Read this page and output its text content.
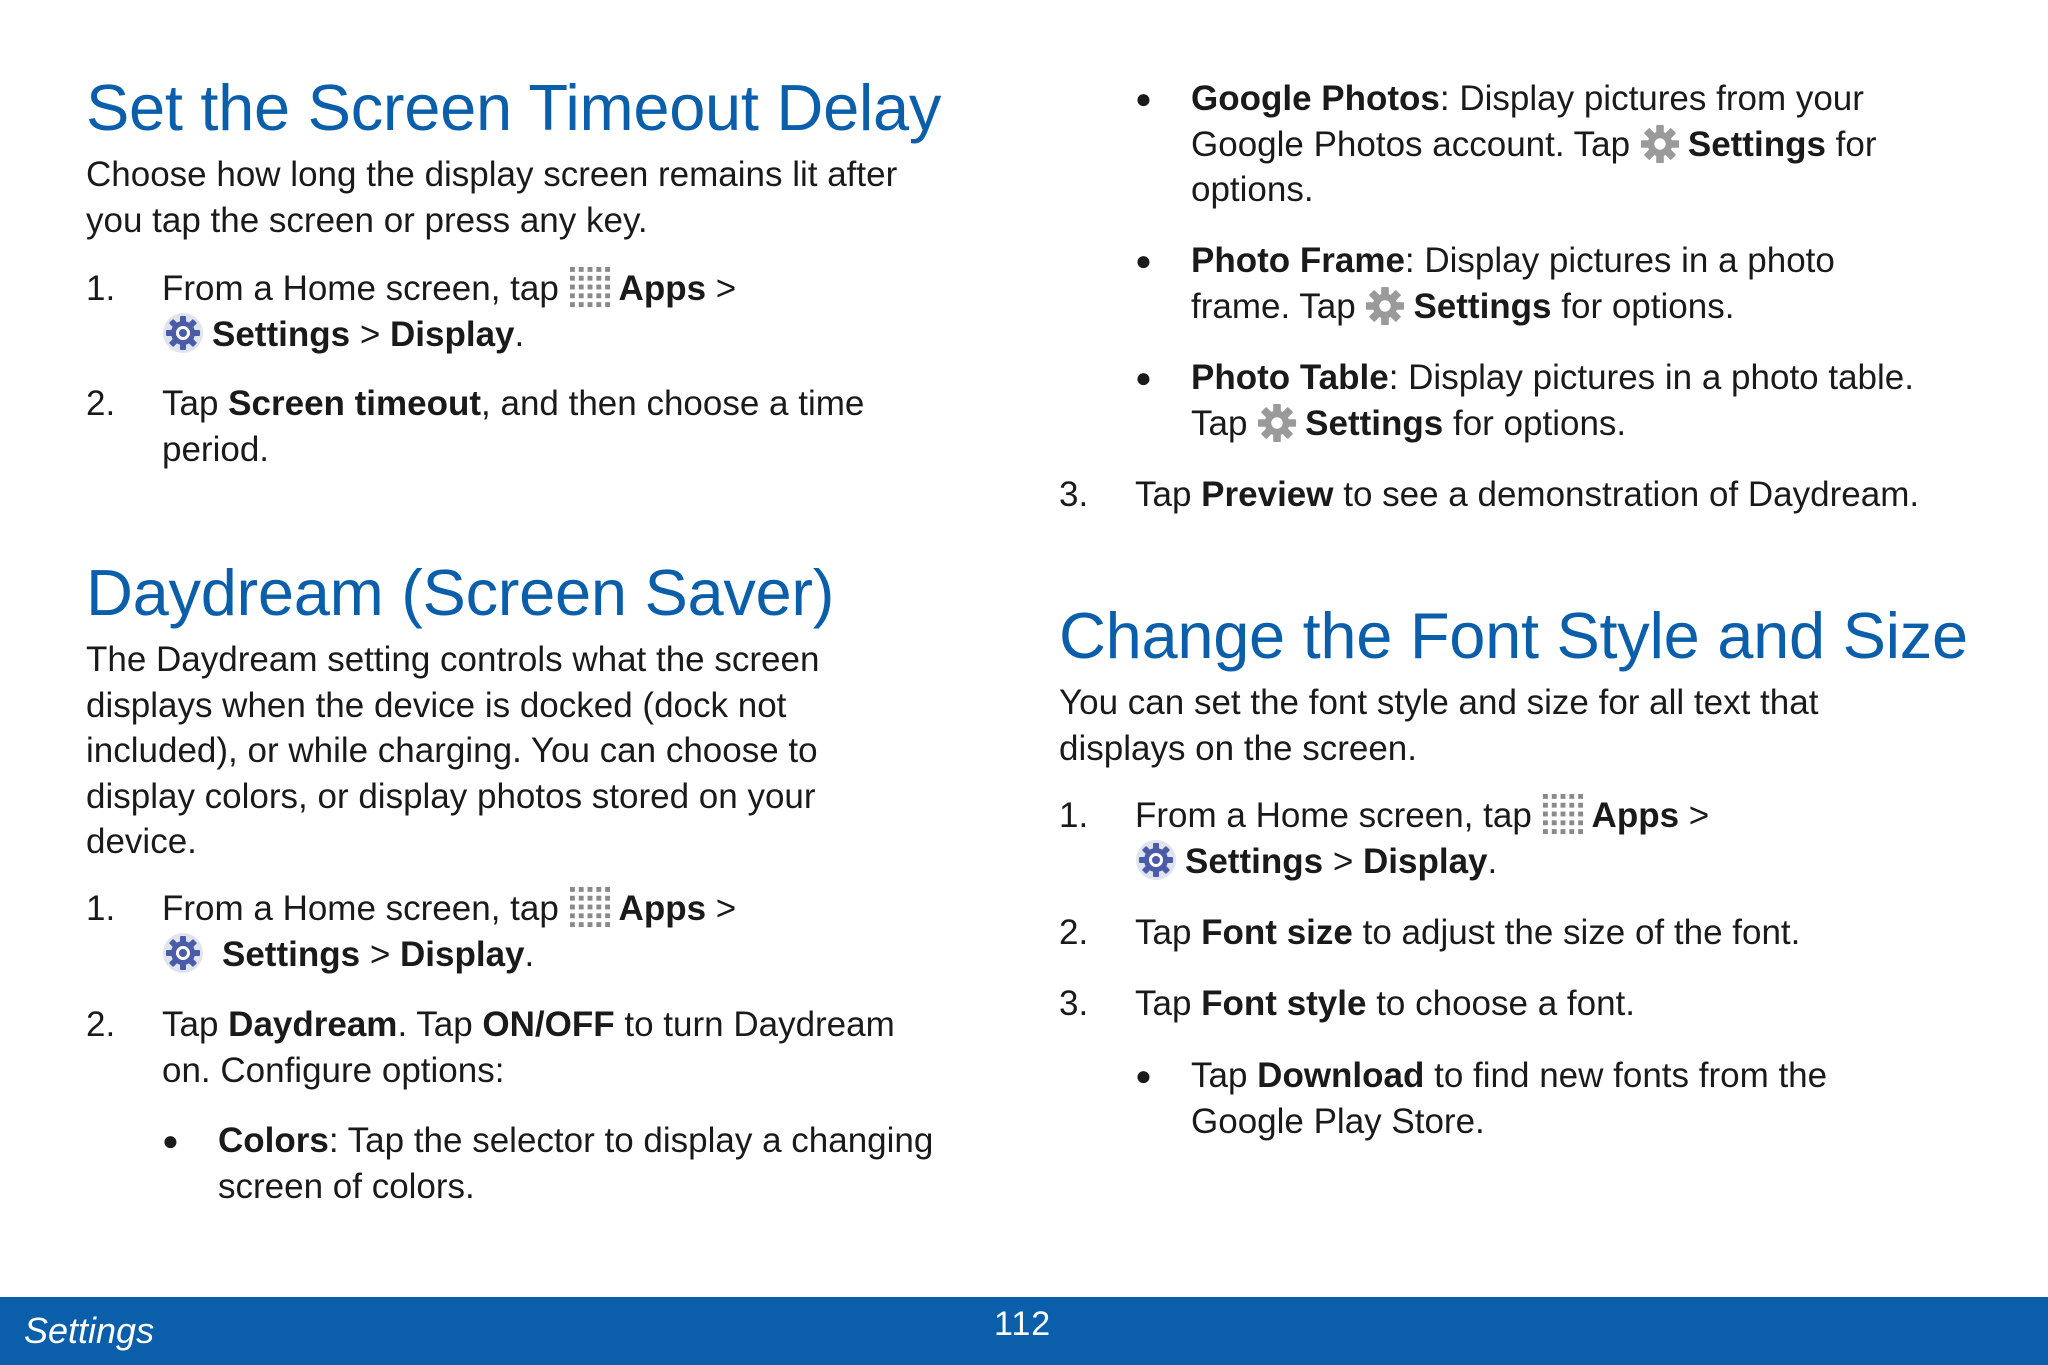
Set the Screen Timeout Delay

Choose how long the display screen remains lit after

you tap the screen or press any key.

1. From a Home screen, tap Apps >
Settings > Display.
2. Tap Screen timeout, and then choose a time
period.
Daydream (Screen Saver)

The Daydream setting controls what the screen

displays when the device is docked (dock not

included), or while charging. You can choose to

display colors, or display photos stored on your

device.

1. From a Home screen, tap Apps >
Settings > Display.
2. Tap Daydream. Tap ON/OFF to turn Daydream
on. Configure options:
● Colors: Tap the selector to display a changing
screen of colors.
● Google Photos: Display pictures from your
Google Photos account. Tap Settings for
options.
● Photo Frame: Display pictures in a photo
frame. Tap Settings for options.
● Photo Table: Display pictures in a photo table.
Tap Settings for options.
3. Tap Preview to see a demonstration of Daydream.
Change the Font Style and Size

You can set the font style and size for all text that

displays on the screen.

1. From a Home screen, tap Apps >
Settings > Display.
2. Tap Font size to adjust the size of the font.
3. Tap Font style to choose a font.
● Tap Download to find new fonts from the
Google Play Store.
Settings	112
